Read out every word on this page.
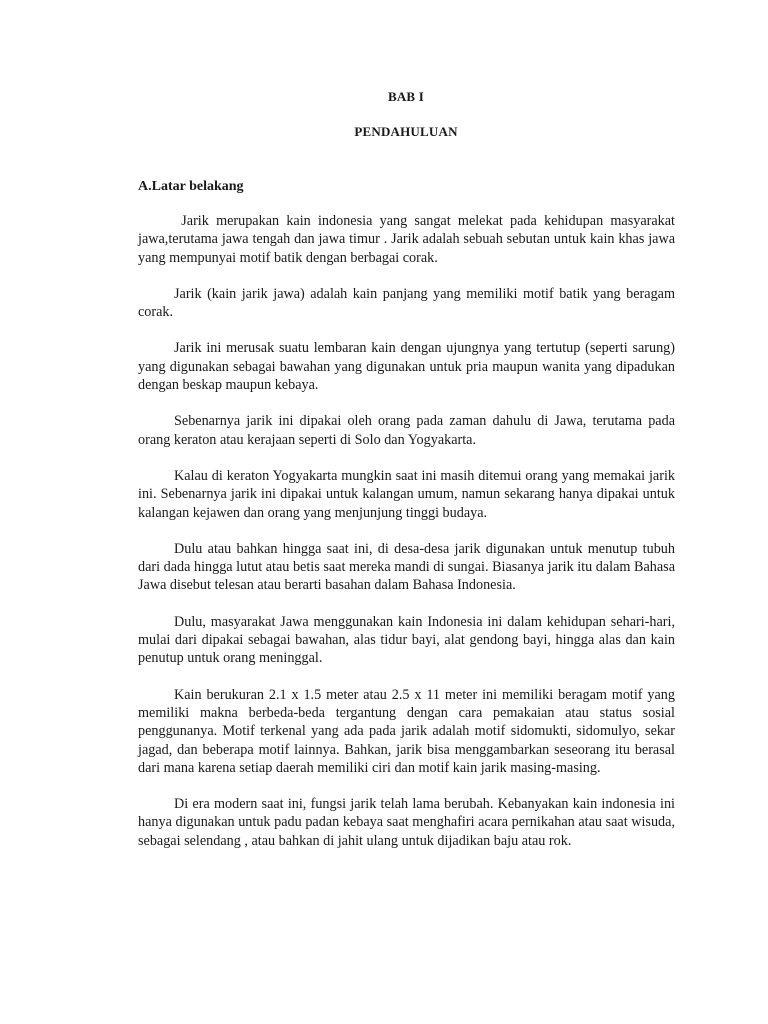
BAB I
PENDAHULUAN
A.Latar belakang

Jarik merupakan kain indonesia yang sangat melekat pada kehidupan masyarakat jawa,terutama jawa tengah dan jawa timur . Jarik adalah sebuah sebutan untuk kain khas jawa yang mempunyai motif batik dengan berbagai corak.

Jarik (kain jarik jawa) adalah kain panjang yang memiliki motif batik yang beragam corak.

Jarik ini merusak suatu lembaran kain dengan ujungnya yang tertutup (seperti sarung) yang digunakan sebagai bawahan yang digunakan untuk pria maupun wanita yang dipadukan dengan beskap maupun kebaya.

Sebenarnya jarik ini dipakai oleh orang pada zaman dahulu di Jawa, terutama pada orang keraton atau kerajaan seperti di Solo dan Yogyakarta.

Kalau di keraton Yogyakarta mungkin saat ini masih ditemui orang yang memakai jarik ini. Sebenarnya jarik ini dipakai untuk kalangan umum, namun sekarang hanya dipakai untuk kalangan kejawen dan orang yang menjunjung tinggi budaya.

Dulu atau bahkan hingga saat ini, di desa-desa jarik digunakan untuk menutup tubuh dari dada hingga lutut atau betis saat mereka mandi di sungai. Biasanya jarik itu dalam Bahasa Jawa disebut telesan atau berarti basahan dalam Bahasa Indonesia.

Dulu, masyarakat Jawa menggunakan kain Indonesia ini dalam kehidupan sehari-hari, mulai dari dipakai sebagai bawahan, alas tidur bayi, alat gendong bayi, hingga alas dan kain penutup untuk orang meninggal.

Kain berukuran 2.1 x 1.5 meter atau 2.5 x 11 meter ini memiliki beragam motif yang memiliki makna berbeda-beda tergantung dengan cara pemakaian atau status sosial penggunanya. Motif terkenal yang ada pada jarik adalah motif sidomukti, sidomulyo, sekar jagad, dan beberapa motif lainnya. Bahkan, jarik bisa menggambarkan seseorang itu berasal dari mana karena setiap daerah memiliki ciri dan motif kain jarik masing-masing.

Di era modern saat ini, fungsi jarik telah lama berubah. Kebanyakan kain indonesia ini hanya digunakan untuk padu padan kebaya saat menghafiri acara pernikahan atau saat wisuda, sebagai selendang , atau bahkan di jahit ulang untuk dijadikan baju atau rok.
